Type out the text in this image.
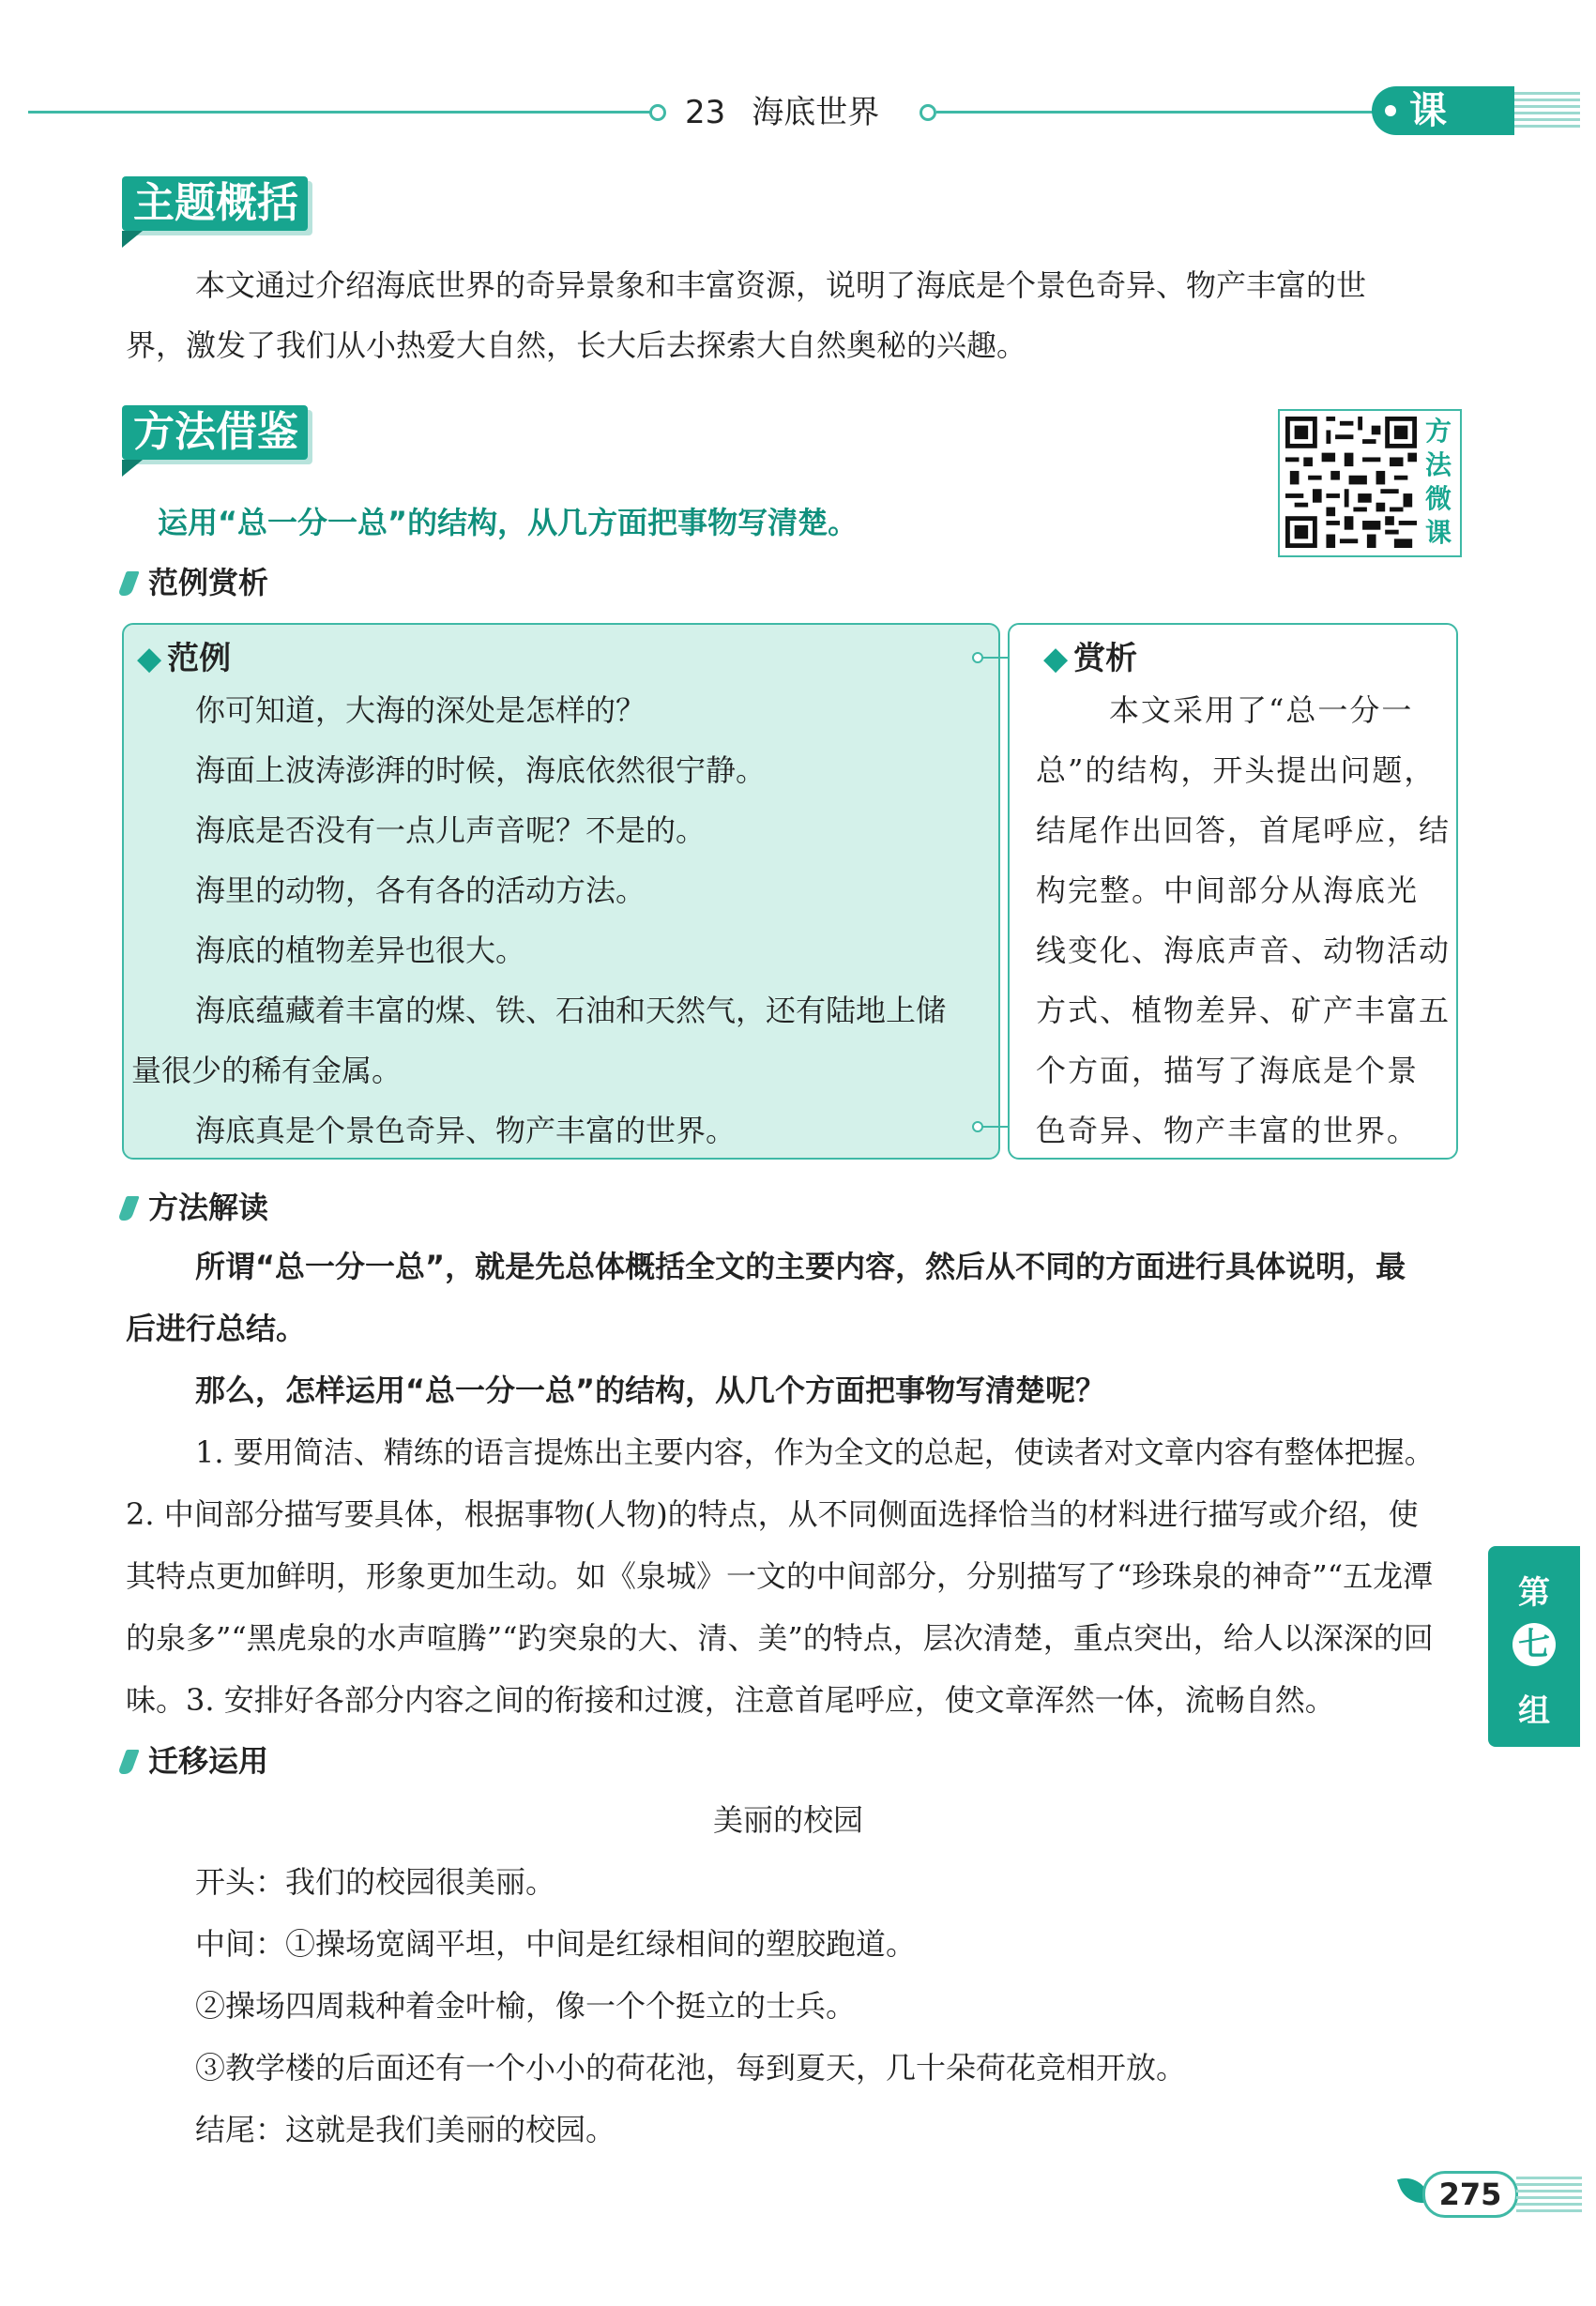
23 海底世界	课 文
主题概括
本文通过介绍海底世界的奇异景象和丰富资源，说明了海底是个景色奇异、物产丰富的世
界，激发了我们从小热爱大自然，长大后去探索大自然奥秘的兴趣。
方法借鉴	方
法
微
课
运用“总一分一总”的结构，从几方面把事物写清楚。
范例赏析
◆ 范例
你可知道，大海的深处是怎样的？
海面上波涛澎湃的时候，海底依然很宁静。
海底是否没有一点儿声音呢？不是的。
海里的动物，各有各的活动方法。
海底的植物差异也很大。
海底蕴藏着丰富的煤、铁、石油和天然气，还有陆地上储
量很少的稀有金属。
海底真是个景色奇异、物产丰富的世界。
◆ 赏析
本文采用了“总一分一
总”的结构，开头提出问题，
结尾作出回答，首尾呼应，结
构完整。中间部分从海底光
线变化、海底声音、动物活动
方式、植物差异、矿产丰富五
个方面，描写了海底是个景
色奇异、物产丰富的世界。
方法解读
所谓“总一分一总”，就是先总体概括全文的主要内容，然后从不同的方面进行具体说明，最
后进行总结。
那么，怎样运用“总一分一总”的结构，从几个方面把事物写清楚呢？
1. 要用简洁、精练的语言提炼出主要内容，作为全文的总起，使读者对文章内容有整体把握。
2. 中间部分描写要具体，根据事物(人物)的特点，从不同侧面选择恰当的材料进行描写或介绍，使
其特点更加鲜明，形象更加生动。如《泉城》一文的中间部分，分别描写了“珍珠泉的神奇”“五龙潭
的泉多”“黑虎泉的水声喧腾”“趵突泉的大、清、美”的特点，层次清楚，重点突出，给人以深深的回
味。3. 安排好各部分内容之间的衔接和过渡，注意首尾呼应，使文章浑然一体，流畅自然。
迁移运用
美丽的校园
开头：我们的校园很美丽。
中间：①操场宽阔平坦，中间是红绿相间的塑胶跑道。
②操场四周栽种着金叶榆，像一个个挺立的士兵。
③教学楼的后面还有一个小小的荷花池，每到夏天，几十朵荷花竞相开放。
结尾：这就是我们美丽的校园。
第
七
组
275
